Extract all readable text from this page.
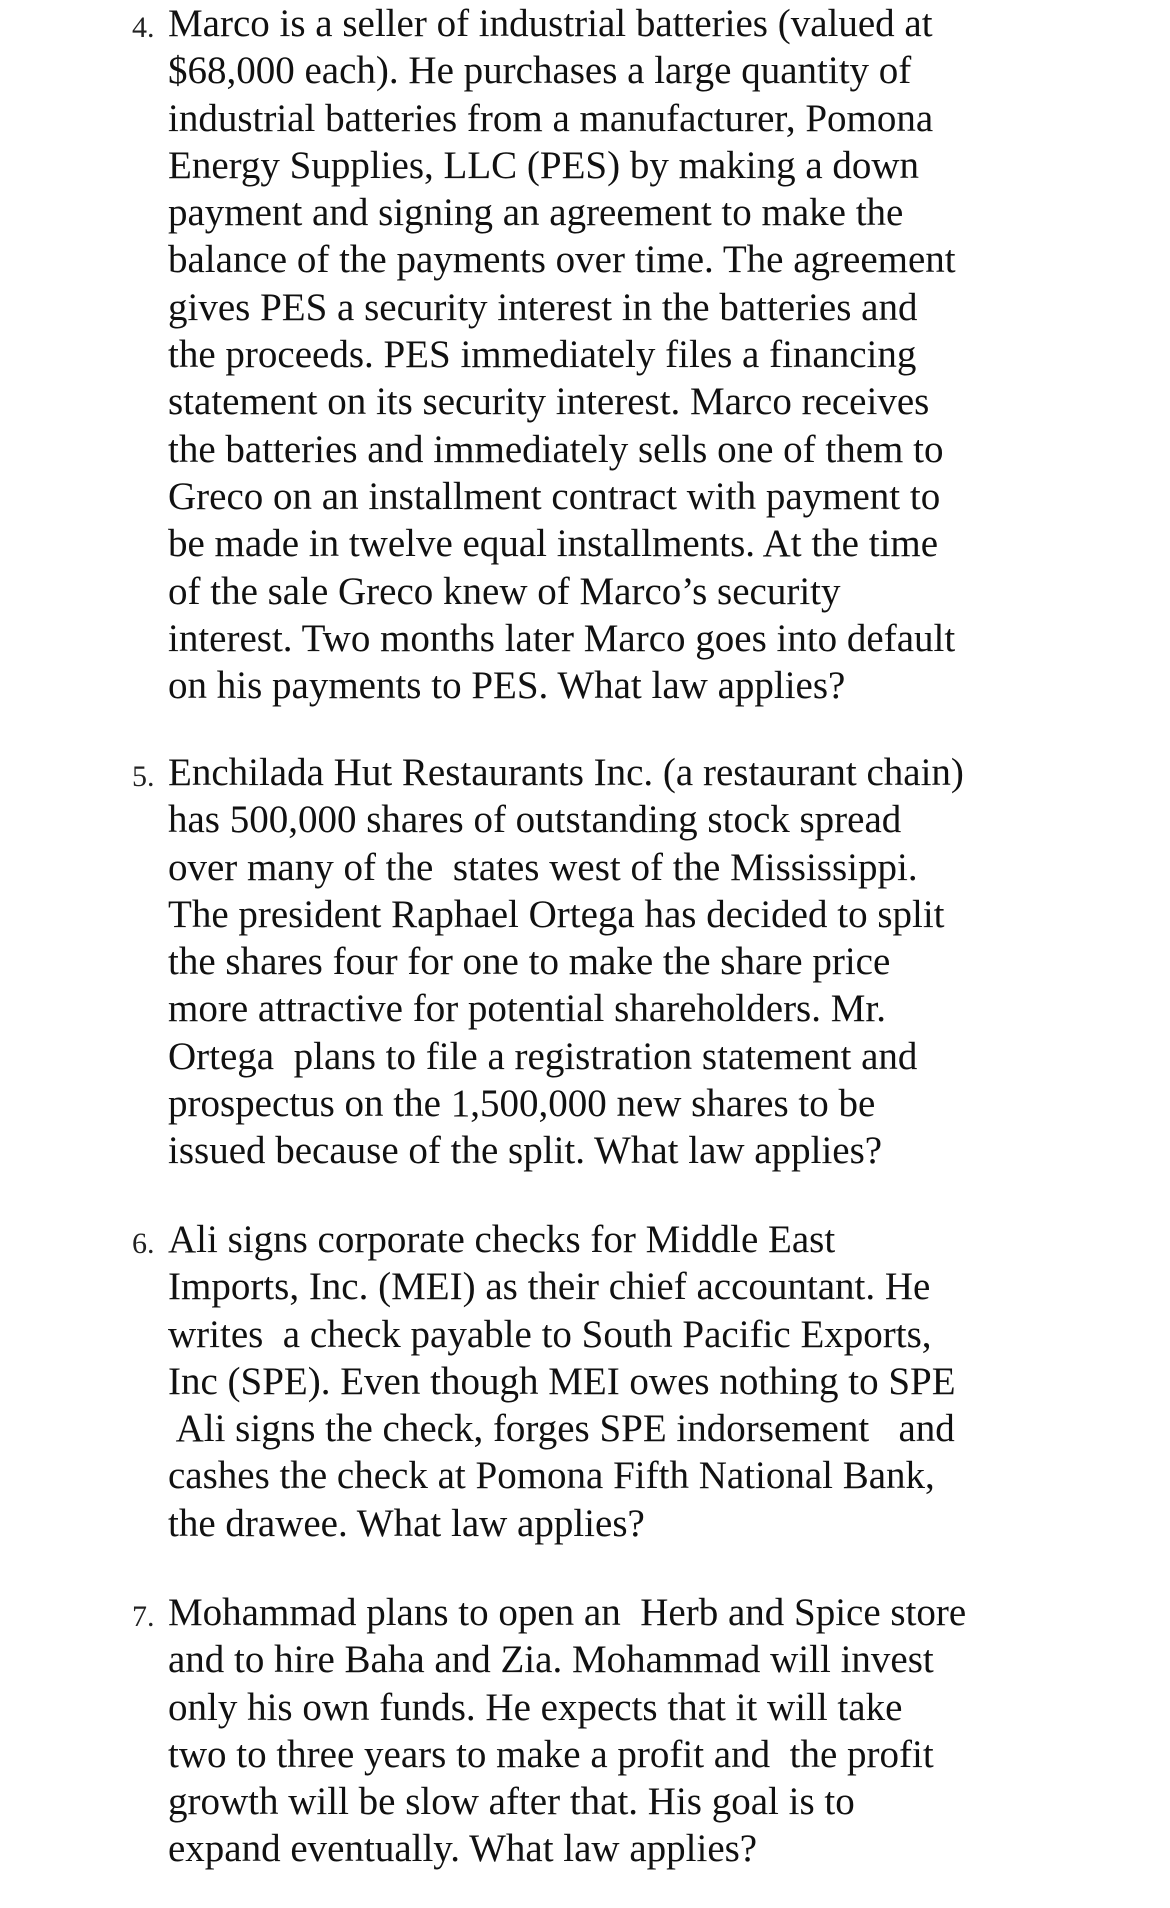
4. Marco is a seller of industrial batteries (valued at
$68,000 each). He purchases a large quantity of
industrial batteries from a manufacturer, Pomona
Energy Supplies, LLC (PES) by making a down
payment and signing an agreement to make the
balance of the payments over time. The agreement
gives PES a security interest in the batteries and
the proceeds. PES immediately files a financing
statement on its security interest. Marco receives
the batteries and immediately sells one of them to
Greco on an installment contract with payment to
be made in twelve equal installments. At the time
of the sale Greco knew of Marco’s security
interest. Two months later Marco goes into default
on his payments to PES. What law applies?
5. Enchilada Hut Restaurants Inc. (a restaurant chain)
has 500,000 shares of outstanding stock spread
over many of the  states west of the Mississippi.
The president Raphael Ortega has decided to split
the shares four for one to make the share price
more attractive for potential shareholders. Mr.
Ortega  plans to file a registration statement and
prospectus on the 1,500,000 new shares to be
issued because of the split. What law applies?
6. Ali signs corporate checks for Middle East
Imports, Inc. (MEI) as their chief accountant. He
writes  a check payable to South Pacific Exports,
Inc (SPE). Even though MEI owes nothing to SPE
Ali signs the check, forges SPE indorsement   and
cashes the check at Pomona Fifth National Bank,
the drawee. What law applies?
7. Mohammad plans to open an  Herb and Spice store
and to hire Baha and Zia. Mohammad will invest
only his own funds. He expects that it will take
two to three years to make a profit and  the profit
growth will be slow after that. His goal is to
expand eventually. What law applies?
